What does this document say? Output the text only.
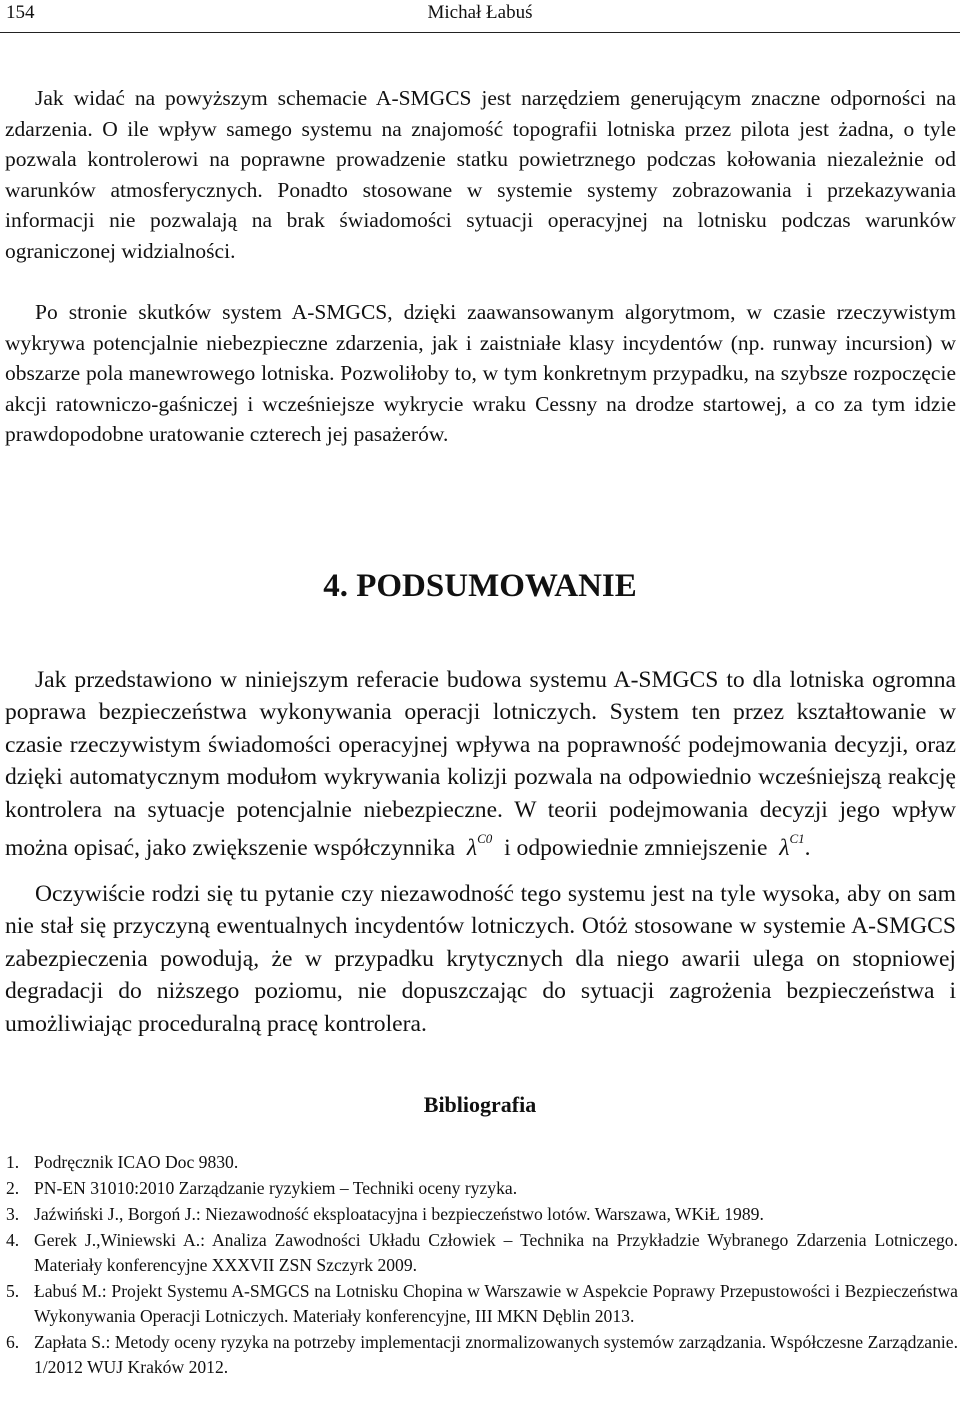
154	Michał Łabuś

Jak widać na powyższym schemacie A-SMGCS jest narzędziem generującym znaczne odporności na zdarzenia. O ile wpływ samego systemu na znajomość topografii lotniska przez pilota jest żadna, o tyle pozwala kontrolerowi na poprawne prowadzenie statku powietrznego podczas kołowania niezależnie od warunków atmosferycznych. Ponadto stosowane w systemie systemy zobrazowania i przekazywania informacji nie pozwalają na brak świadomości sytuacji operacyjnej na lotnisku podczas warunków ograniczonej widzialności.

Po stronie skutków system A-SMGCS, dzięki zaawansowanym algorytmom, w czasie rzeczywistym wykrywa potencjalnie niebezpieczne zdarzenia, jak i zaistniałe klasy incydentów (np. runway incursion) w obszarze pola manewrowego lotniska. Pozwoliłoby to, w tym konkretnym przypadku, na szybsze rozpoczęcie akcji ratowniczo-gaśniczej i wcześniejsze wykrycie wraku Cessny na drodze startowej, a co za tym idzie prawdopodobne uratowanie czterech jej pasażerów.

4. PODSUMOWANIE

Jak przedstawiono w niniejszym referacie budowa systemu A-SMGCS to dla lotniska ogromna poprawa bezpieczeństwa wykonywania operacji lotniczych. System ten przez kształtowanie w czasie rzeczywistym świadomości operacyjnej wpływa na poprawność podejmowania decyzji, oraz dzięki automatycznym modułom wykrywania kolizji pozwala na odpowiednio wcześniejszą reakcję kontrolera na sytuacje potencjalnie niebezpieczne. W teorii podejmowania decyzji jego wpływ można opisać, jako zwiększenie współczynnika $\lambda^{C0}$ i odpowiednie zmniejszenie $\lambda^{C1}$.

Oczywiście rodzi się tu pytanie czy niezawodność tego systemu jest na tyle wysoka, aby on sam nie stał się przyczyną ewentualnych incydentów lotniczych. Otóż stosowane w systemie A-SMGCS zabezpieczenia powodują, że w przypadku krytycznych dla niego awarii ulega on stopniowej degradacji do niższego poziomu, nie dopuszczając do sytuacji zagrożenia bezpieczeństwa i umożliwiając proceduralną pracę kontrolera.

Bibliografia
1. Podręcznik ICAO Doc 9830.
2. PN-EN 31010:2010 Zarządzanie ryzykiem – Techniki oceny ryzyka.
3. Jaźwiński J., Borgoń J.: Niezawodność eksploatacyjna i bezpieczeństwo lotów. Warszawa, WKiŁ 1989.
4. Gerek J.,Winiewski A.: Analiza Zawodności Układu Człowiek – Technika na Przykładzie Wybranego Zdarzenia Lotniczego. Materiały konferencyjne XXXVII ZSN Szczyrk 2009.
5. Łabuś M.: Projekt Systemu A-SMGCS na Lotnisku Chopina w Warszawie w Aspekcie Poprawy Przepustowości i Bezpieczeństwa Wykonywania Operacji Lotniczych. Materiały konferencyjne, III MKN Dęblin 2013.
6. Zapłata S.: Metody oceny ryzyka na potrzeby implementacji znormalizowanych systemów zarządzania. Współczesne Zarządzanie. 1/2012 WUJ Kraków 2012.
